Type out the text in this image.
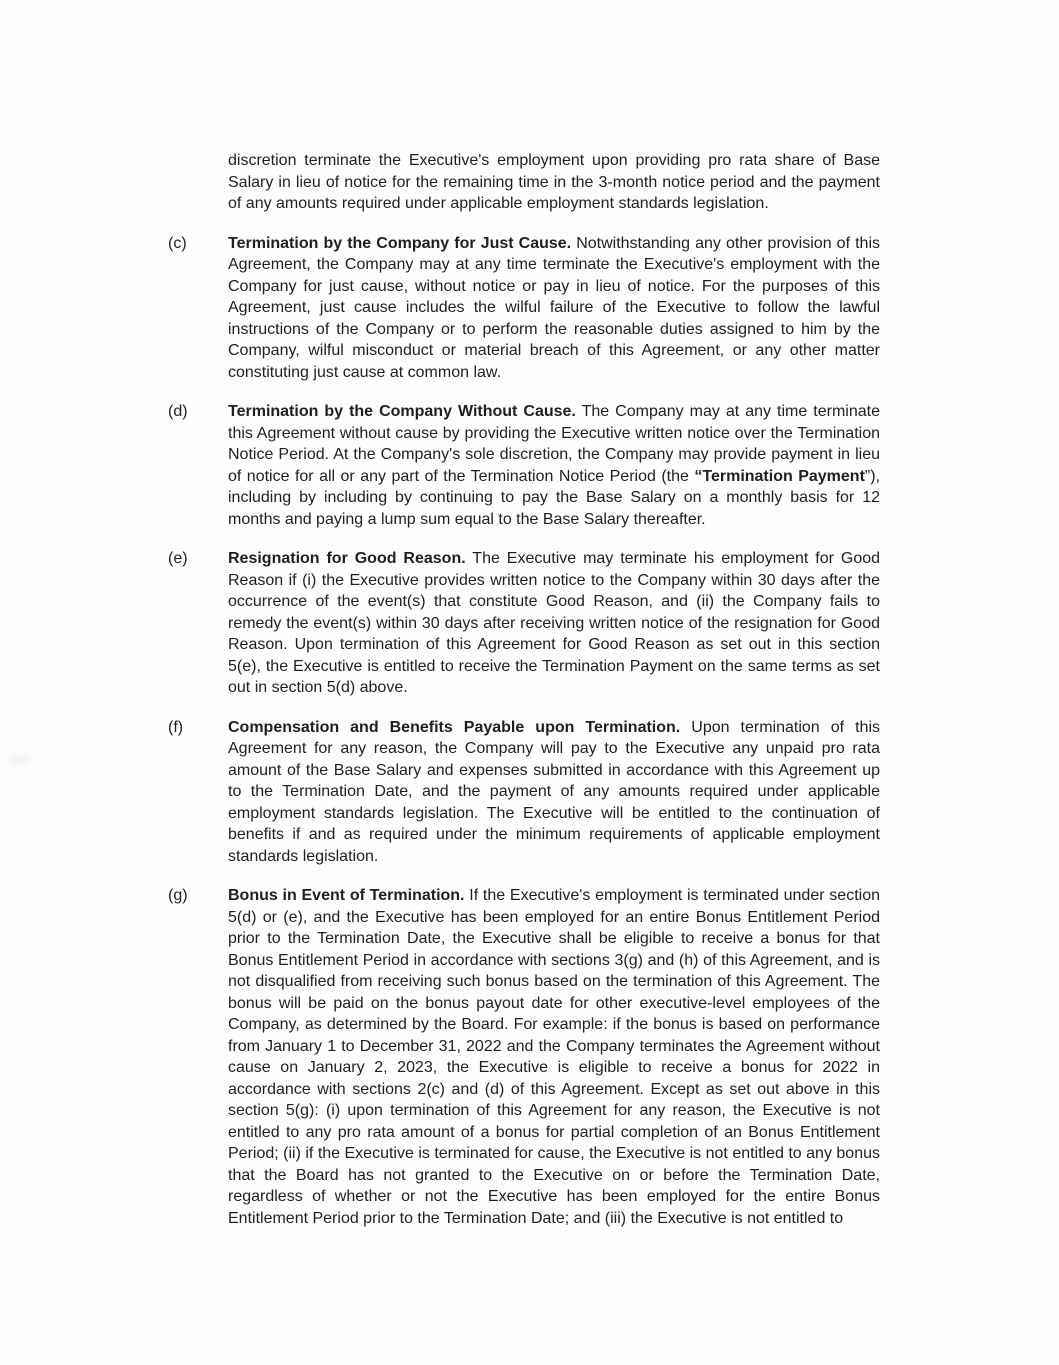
discretion terminate the Executive's employment upon providing pro rata share of Base Salary in lieu of notice for the remaining time in the 3-month notice period and the payment of any amounts required under applicable employment standards legislation.

(c)	Termination by the Company for Just Cause. Notwithstanding any other provision of this Agreement, the Company may at any time terminate the Executive's employment with the Company for just cause, without notice or pay in lieu of notice. For the purposes of this Agreement, just cause includes the wilful failure of the Executive to follow the lawful instructions of the Company or to perform the reasonable duties assigned to him by the Company, wilful misconduct or material breach of this Agreement, or any other matter constituting just cause at common law.

(d)	Termination by the Company Without Cause. The Company may at any time terminate this Agreement without cause by providing the Executive written notice over the Termination Notice Period. At the Company's sole discretion, the Company may provide payment in lieu of notice for all or any part of the Termination Notice Period (the “Termination Payment”), including by including by continuing to pay the Base Salary on a monthly basis for 12 months and paying a lump sum equal to the Base Salary thereafter.

(e)	Resignation for Good Reason. The Executive may terminate his employment for Good Reason if (i) the Executive provides written notice to the Company within 30 days after the occurrence of the event(s) that constitute Good Reason, and (ii) the Company fails to remedy the event(s) within 30 days after receiving written notice of the resignation for Good Reason. Upon termination of this Agreement for Good Reason as set out in this section 5(e), the Executive is entitled to receive the Termination Payment on the same terms as set out in section 5(d) above.

(f)	Compensation and Benefits Payable upon Termination. Upon termination of this Agreement for any reason, the Company will pay to the Executive any unpaid pro rata amount of the Base Salary and expenses submitted in accordance with this Agreement up to the Termination Date, and the payment of any amounts required under applicable employment standards legislation. The Executive will be entitled to the continuation of benefits if and as required under the minimum requirements of applicable employment standards legislation.

(g)	Bonus in Event of Termination. If the Executive's employment is terminated under section 5(d) or (e), and the Executive has been employed for an entire Bonus Entitlement Period prior to the Termination Date, the Executive shall be eligible to receive a bonus for that Bonus Entitlement Period in accordance with sections 3(g) and (h) of this Agreement, and is not disqualified from receiving such bonus based on the termination of this Agreement. The bonus will be paid on the bonus payout date for other executive-level employees of the Company, as determined by the Board. For example: if the bonus is based on performance from January 1 to December 31, 2022 and the Company terminates the Agreement without cause on January 2, 2023, the Executive is eligible to receive a bonus for 2022 in accordance with sections 2(c) and (d) of this Agreement. Except as set out above in this section 5(g): (i) upon termination of this Agreement for any reason, the Executive is not entitled to any pro rata amount of a bonus for partial completion of an Bonus Entitlement Period; (ii) if the Executive is terminated for cause, the Executive is not entitled to any bonus that the Board has not granted to the Executive on or before the Termination Date, regardless of whether or not the Executive has been employed for the entire Bonus Entitlement Period prior to the Termination Date; and (iii) the Executive is not entitled to
